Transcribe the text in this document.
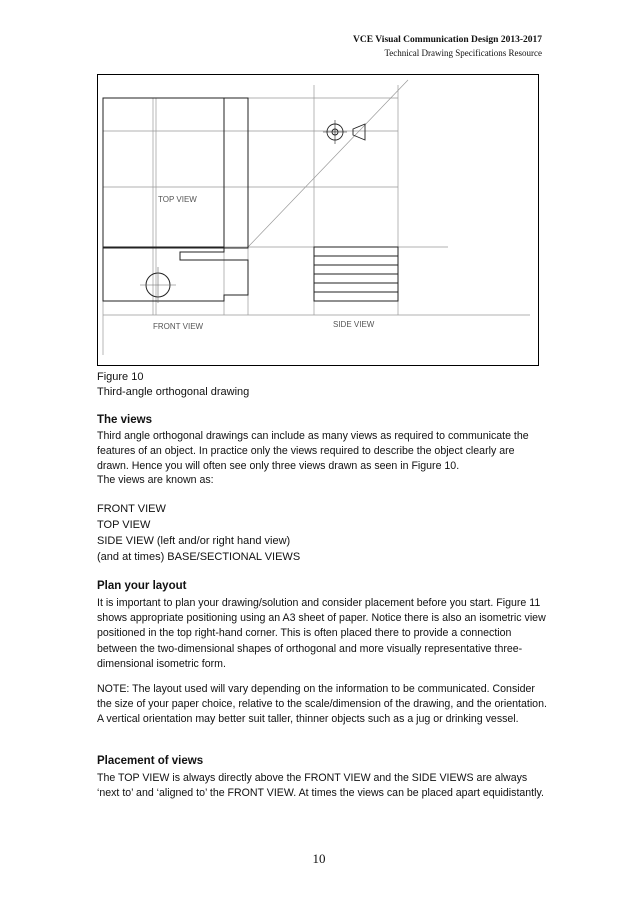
VCE Visual Communication Design 2013-2017
Technical Drawing Specifications Resource
TOP VIEW
FRONT VIEW	SIDE VIEW
Figure 10
Third-angle orthogonal drawing
The views

Third angle orthogonal drawings can include as many views as required to communicate the features of an object. In practice only the views required to describe the object clearly are drawn. Hence you will often see only three views drawn as seen in Figure 10.

The views are known as:
FRONT VIEW
TOP VIEW
SIDE VIEW (left and/or right hand view)
(and at times) BASE/SECTIONAL VIEWS
Plan your layout

It is important to plan your drawing/solution and consider placement before you start. Figure 11 shows appropriate positioning using an A3 sheet of paper. Notice there is also an isometric view positioned in the top right-hand corner. This is often placed there to provide a connection between the two-dimensional shapes of orthogonal and more visually representative three-dimensional isometric form.

NOTE: The layout used will vary depending on the information to be communicated. Consider the size of your paper choice, relative to the scale/dimension of the drawing, and the orientation. A vertical orientation may better suit taller, thinner objects such as a jug or drinking vessel.

Placement of views

The TOP VIEW is always directly above the FRONT VIEW and the SIDE VIEWS are always ‘next to’ and ‘aligned to’ the FRONT VIEW. At times the views can be placed apart equidistantly.

10
